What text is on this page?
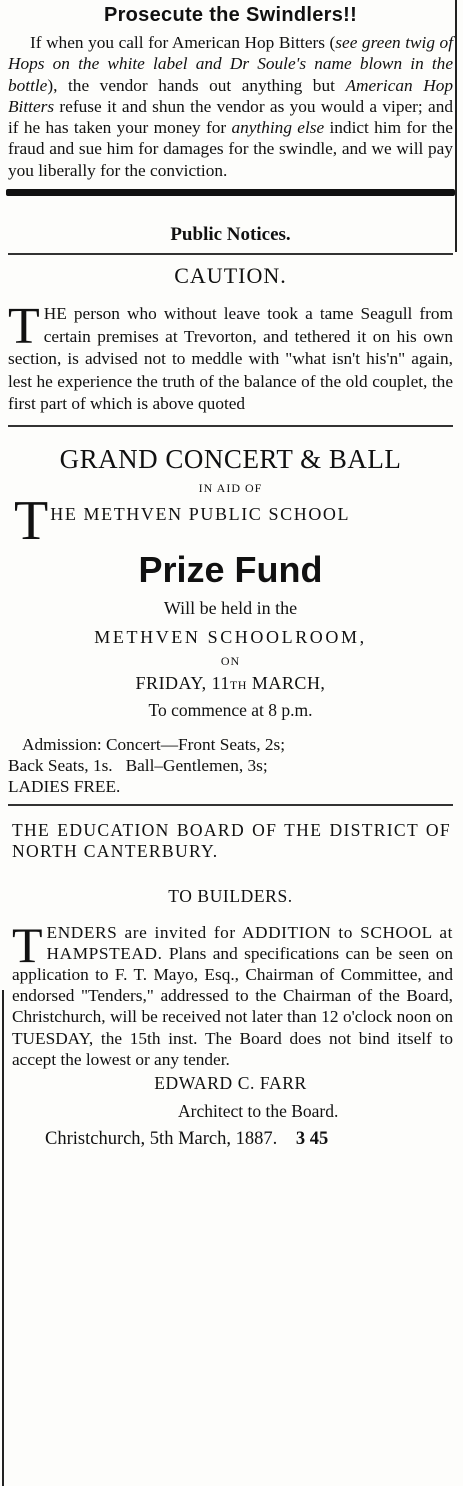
Prosecute the Swindlers!!

If when you call for American Hop Bitters (see green twig of Hops on the white label and Dr Soule's name blown in the bottle), the vendor hands out anything but American Hop Bitters refuse it and shun the vendor as you would a viper; and if he has taken your money for anything else indict him for the fraud and sue him for damages for the swindle, and we will pay you liberally for the conviction.

Public Notices.

CAUTION.

THE person who without leave took a tame Seagull from certain premises at Trevorton, and tethered it on his own section, is advised not to meddle with "what isn't his'n" again, lest he experience the truth of the balance of the old couplet, the first part of which is above quoted

GRAND CONCERT & BALL

IN AID OF

T HE METHVEN PUBLIC SCHOOL

Prize Fund

Will be held in the

METHVEN SCHOOLROOM,

ON

FRIDAY, 11TH MARCH,

To commence at 8 p.m.

Admission: Concert—Front Seats, 2s;

Back Seats, 1s.   Ball–Gentlemen, 3s;

LADIES FREE.

THE EDUCATION BOARD OF THE DISTRICT OF NORTH CANTERBURY.

TO BUILDERS.

TENDERS are invited for ADDITION to SCHOOL at HAMPSTEAD. Plans and specifications can be seen on application to F. T. Mayo, Esq., Chairman of Committee, and endorsed "Tenders," addressed to the Chairman of the Board, Christchurch, will be received not later than 12 o'clock noon on TUESDAY, the 15th inst. The Board does not bind itself to accept the lowest or any tender.

EDWARD C. FARR

Architect to the Board.

Christchurch, 5th March, 1887. 3 45
